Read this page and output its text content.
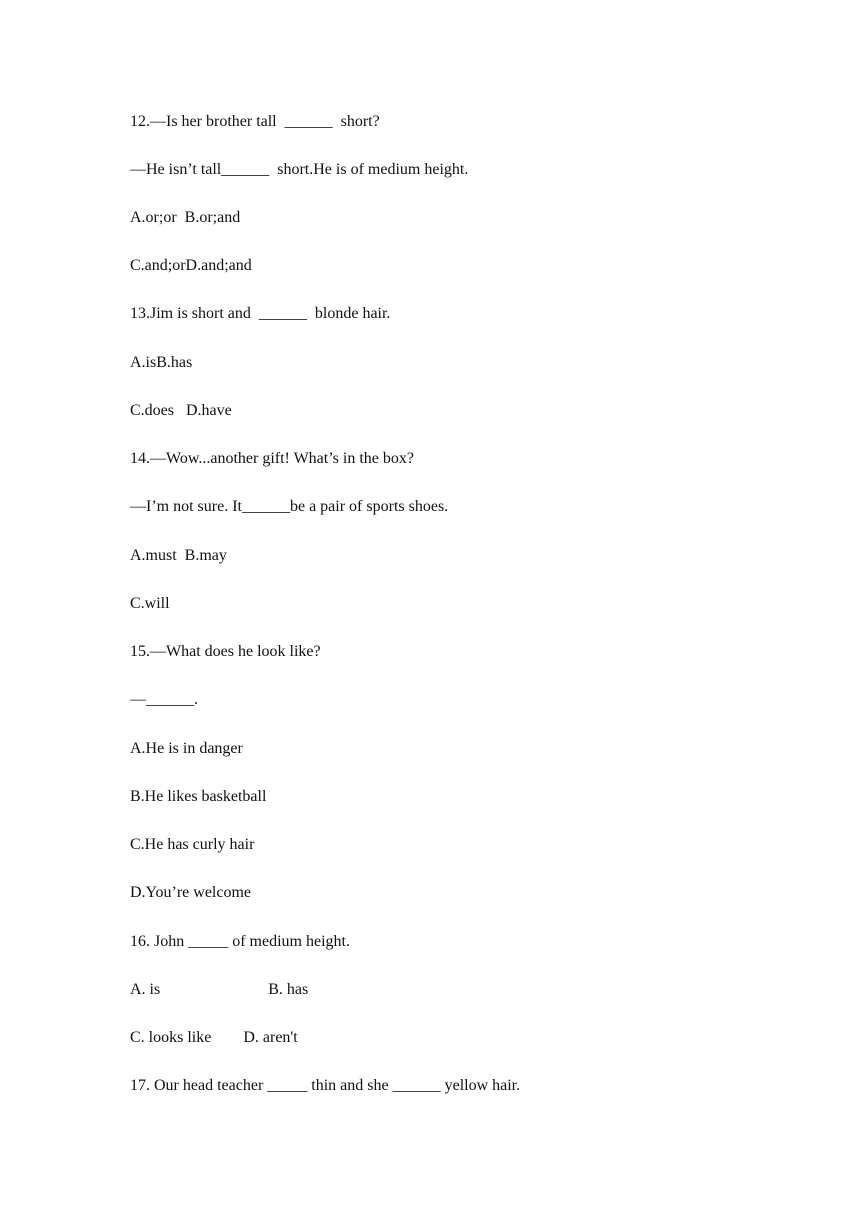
12.—Is her brother tall  ______  short?
—He isn’t tall______  short.He is of medium height.
A.or;or  B.or;and
C.and;orD.and;and
13.Jim is short and  ______  blonde hair.
A.isB.has
C.does   D.have
14.—Wow...another gift! What’s in the box?
—I’m not sure. It______be a pair of sports shoes.
A.must  B.may
C.will
15.—What does he look like?
—______.
A.He is in danger
B.He likes basketball
C.He has curly hair
D.You’re welcome
16. John _____ of medium height.
A. is                           B. has
C. looks like        D. aren't
17. Our head teacher _____ thin and she ______ yellow hair.
